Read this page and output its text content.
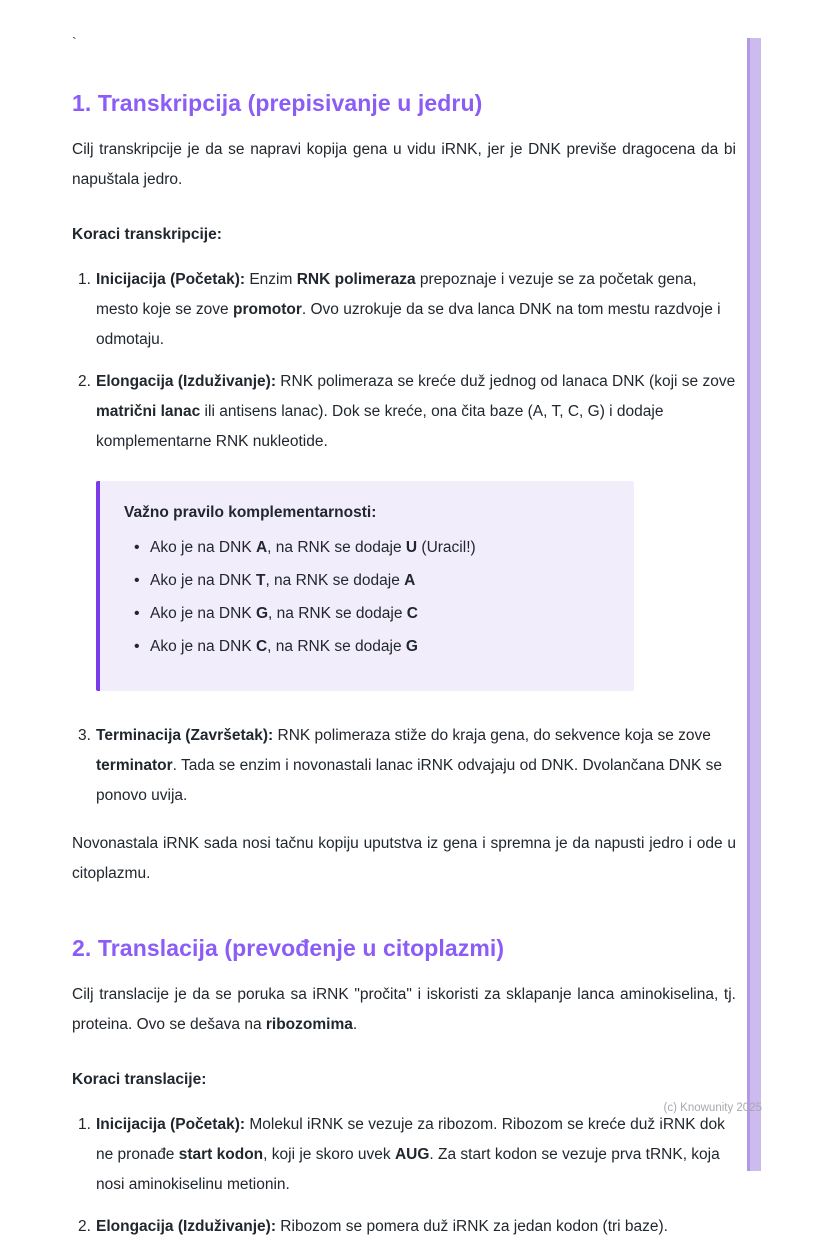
`
1. Transkripcija (prepisivanje u jedru)

Cilj transkripcije je da se napravi kopija gena u vidu iRNK, jer je DNK previše dragocena da bi napuštala jedro.

Koraci transkripcije:

1. Inicijacija (Početak): Enzim RNK polimeraza prepoznaje i vezuje se za početak gena, mesto koje se zove promotor. Ovo uzrokuje da se dva lanca DNK na tom mestu razdvoje i odmotaju.
2. Elongacija (Izduživanje): RNK polimeraza se kreće duž jednog od lanaca DNK (koji se zove matrični lanac ili antisens lanac). Dok se kreće, ona čita baze (A, T, C, G) i dodaje komplementarne RNK nukleotide.

Važno pravilo komplementarnosti:

• Ako je na DNK A, na RNK se dodaje U (Uracil!)
• Ako je na DNK T, na RNK se dodaje A
• Ako je na DNK G, na RNK se dodaje C
• Ako je na DNK C, na RNK se dodaje G
3. Terminacija (Završetak): RNK polimeraza stiže do kraja gena, do sekvence koja se zove terminator. Tada se enzim i novonastali lanac iRNK odvajaju od DNK. Dvolančana DNK se ponovo uvija.

Novonastala iRNK sada nosi tačnu kopiju uputstva iz gena i spremna je da napusti jedro i ode u citoplazmu.

2. Translacija (prevođenje u citoplazmi)

Cilj translacije je da se poruka sa iRNK "pročita" i iskoristi za sklapanje lanca aminokiselina, tj. proteina. Ovo se dešava na ribozomima.

Koraci translacije:

1. Inicijacija (Početak): Molekul iRNK se vezuje za ribozom. Ribozom se kreće duž iRNK dok ne pronađe start kodon, koji je skoro uvek AUG. Za start kodon se vezuje prva tRNK, koja nosi aminokiselinu metionin.
2. Elongacija (Izduživanje): Ribozom se pomera duž iRNK za jedan kodon (tri baze).
(c) Knowunity 2025
